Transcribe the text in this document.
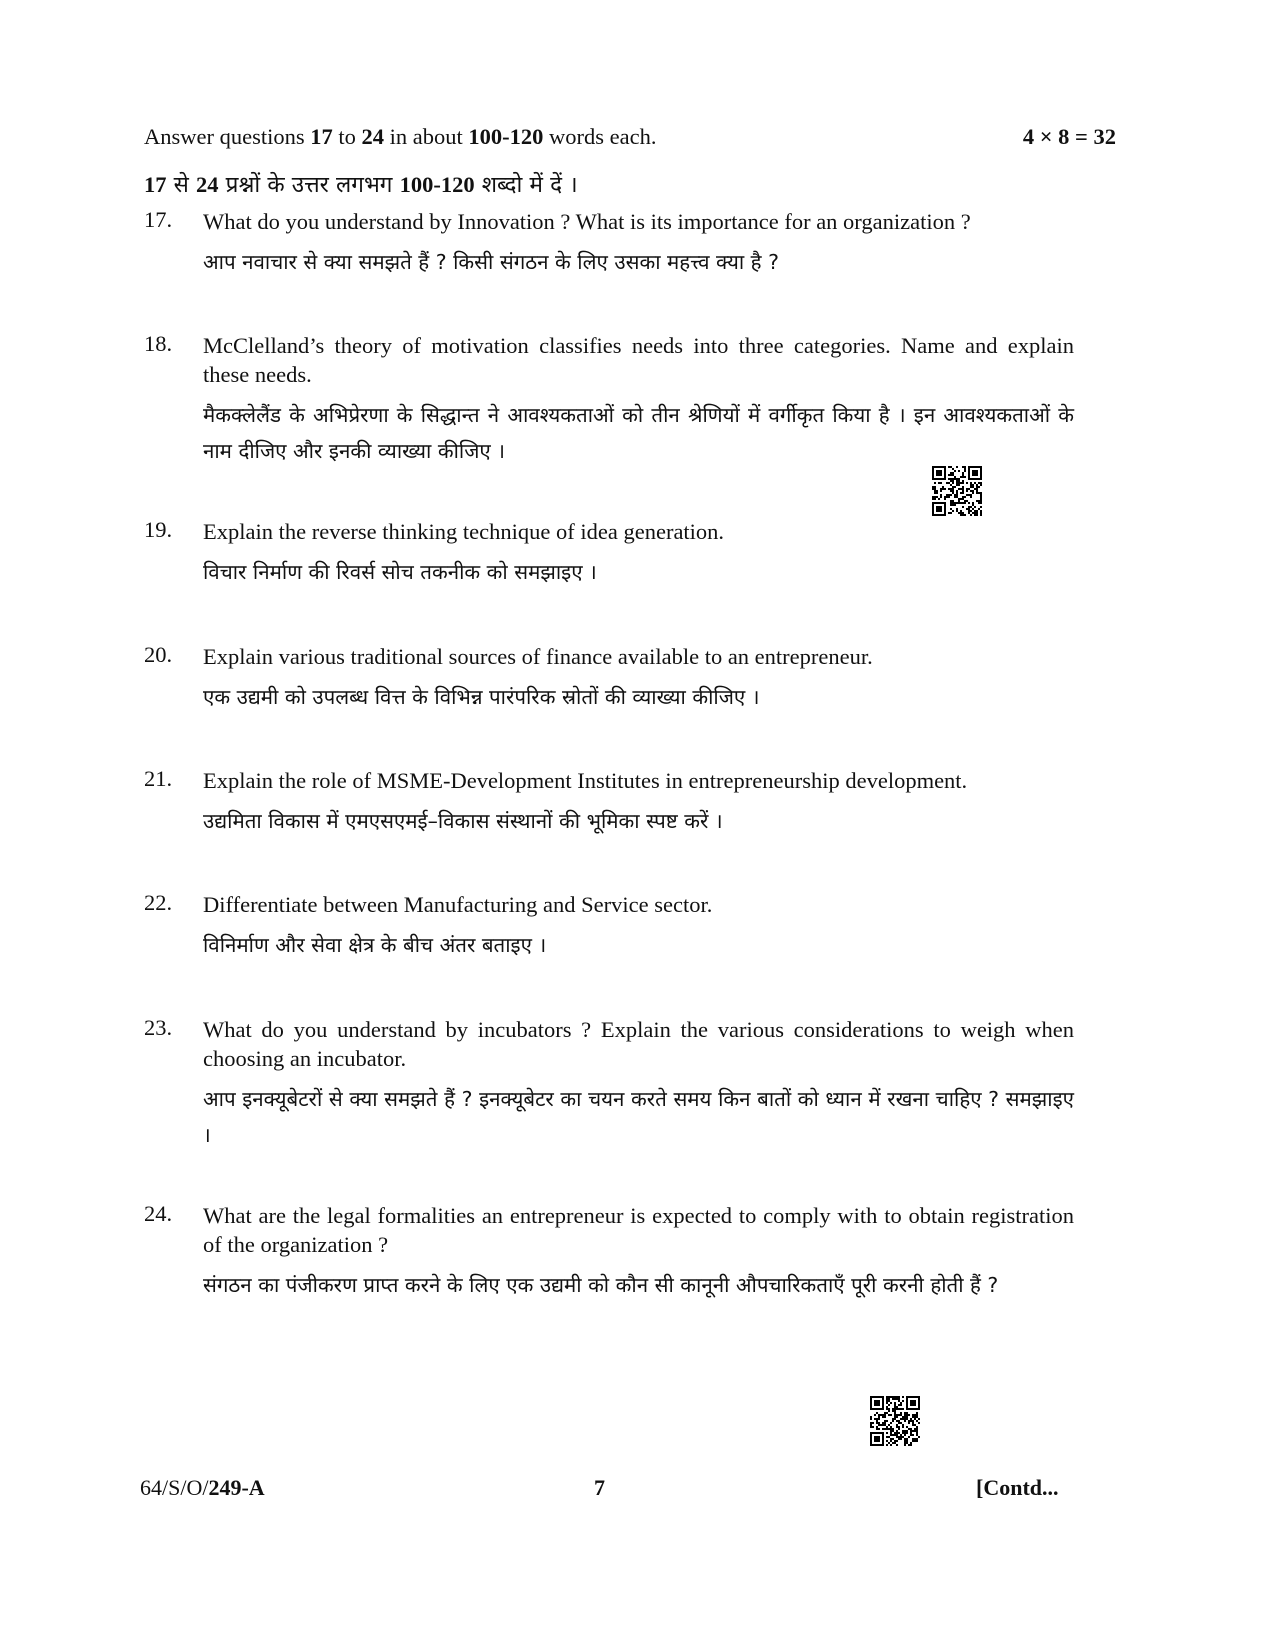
Answer questions 17 to 24 in about 100-120 words each.	4 × 8 = 32
17 से 24 प्रश्नों के उत्तर लगभग 100-120 शब्दो में दें ।
17. What do you understand by Innovation ? What is its importance for an organization ?
आप नवाचार से क्या समझते हैं ? किसी संगठन के लिए उसका महत्त्व क्या है ?
18. McClelland’s theory of motivation classifies needs into three categories. Name and explain these needs.
मैकक्लेलैंड के अभिप्रेरणा के सिद्धान्त ने आवश्यकताओं को तीन श्रेणियों में वर्गीकृत किया है । इन आवश्यकताओं के नाम दीजिए और इनकी व्याख्या कीजिए ।
19. Explain the reverse thinking technique of idea generation.
विचार निर्माण की रिवर्स सोच तकनीक को समझाइए ।
20. Explain various traditional sources of finance available to an entrepreneur.
एक उद्यमी को उपलब्ध वित्त के विभिन्न पारंपरिक स्रोतों की व्याख्या कीजिए ।
21. Explain the role of MSME-Development Institutes in entrepreneurship development.
उद्यमिता विकास में एमएसएमई–विकास संस्थानों की भूमिका स्पष्ट करें ।
22. Differentiate between Manufacturing and Service sector.
विनिर्माण और सेवा क्षेत्र के बीच अंतर बताइए ।
23. What do you understand by incubators ? Explain the various considerations to weigh when choosing an incubator.
आप इनक्यूबेटरों से क्या समझते हैं ? इनक्यूबेटर का चयन करते समय किन बातों को ध्यान में रखना चाहिए ? समझाइए ।
24. What are the legal formalities an entrepreneur is expected to comply with to obtain registration of the organization ?
संगठन का पंजीकरण प्राप्त करने के लिए एक उद्यमी को कौन सी कानूनी औपचारिकताएँ पूरी करनी होती हैं ?
64/S/O/249-A	7	[Contd...
